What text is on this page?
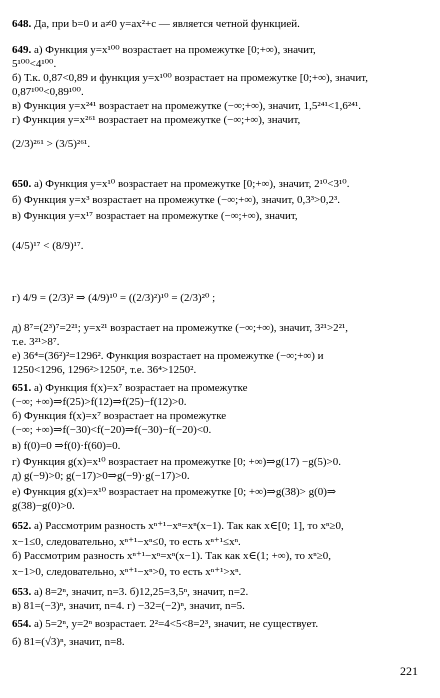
648. Да, при b=0 и a≠0 y=ax²+c — является четной функцией.
649. а) Функция y=x¹⁰⁰ возрастает на промежутке [0;+∞), значит,
5¹⁰⁰<4¹⁰⁰.
б) Т.к. 0,87<0,89 и функция y=x¹⁰⁰ возрастает на промежутке [0;+∞), значит,
0,87¹⁰⁰<0,89¹⁰⁰.
в) Функция y=x²⁴¹ возрастает на промежутке (−∞;+∞), значит, 1,5²⁴¹<1,6²⁴¹.
г) Функция y=x²⁶¹ возрастает на промежутке (−∞;+∞), значит,
(2/3)²⁶¹ > (3/5)²⁶¹.
650. а) Функция y=x¹⁰ возрастает на промежутке [0;+∞), значит, 2¹⁰<3¹⁰.
б) Функция y=x³ возрастает на промежутке (−∞;+∞), значит, 0,3³>0,2³.
в) Функция y=x¹⁷ возрастает на промежутке (−∞;+∞), значит,
(4/5)¹⁷ < (8/9)¹⁷.
г) 4/9 = (2/3)² ⇒ (4/9)¹⁰ = ((2/3)²)¹⁰ = (2/3)²⁰ ;
д) 8⁷=(2³)⁷=2²¹; y=x²¹ возрастает на промежутке (−∞;+∞), значит, 3²¹>2²¹,
т.е. 3²¹>8⁷.
е) 36⁴=(36²)²=1296². Функция возрастает на промежутке (−∞;+∞) и
1250<1296, 1296²>1250², т.е. 36⁴>1250².
651. а) Функция f(x)=x⁷ возрастает на промежутке
(−∞; +∞)⇒f(25)>f(12)⇒f(25)−f(12)>0.
б) Функция f(x)=x⁷ возрастает на промежутке
(−∞; +∞)⇒f(−30)<f(−20)⇒f(−30)−f(−20)<0.
в) f(0)=0 ⇒f(0)·f(60)=0.
г) Функция g(x)=x¹⁰ возрастает на промежутке [0; +∞)⇒g(17) −g(5)>0.
д) g(−9)>0; g(−17)>0⇒g(−9)·g(−17)>0.
е) Функция g(x)=x¹⁰ возрастает на промежутке [0; +∞)⇒g(38)> g(0)⇒
g(38)−g(0)>0.
652. а) Рассмотрим разность xⁿ⁺¹−xⁿ=xⁿ(x−1). Так как x∈[0; 1], то xⁿ≥0,
x−1≤0, следовательно, xⁿ⁺¹−xⁿ≤0, то есть xⁿ⁺¹≤xⁿ.
б) Рассмотрим разность xⁿ⁺¹−xⁿ=xⁿ(x−1). Так как x∈(1; +∞), то xⁿ≥0,
x−1>0, следовательно, xⁿ⁺¹−xⁿ>0, то есть xⁿ⁺¹>xⁿ.
653. а) 8=2ⁿ, значит, n=3. б)12,25=3,5ⁿ, значит, n=2.
в) 81=(−3)ⁿ, значит, n=4. г) −32=(−2)ⁿ, значит, n=5.
654. а) 5=2ⁿ, y=2ⁿ возрастает. 2²=4<5<8=2³, значит, не существует.
б) 81=(√3)ⁿ, значит, n=8.
221
